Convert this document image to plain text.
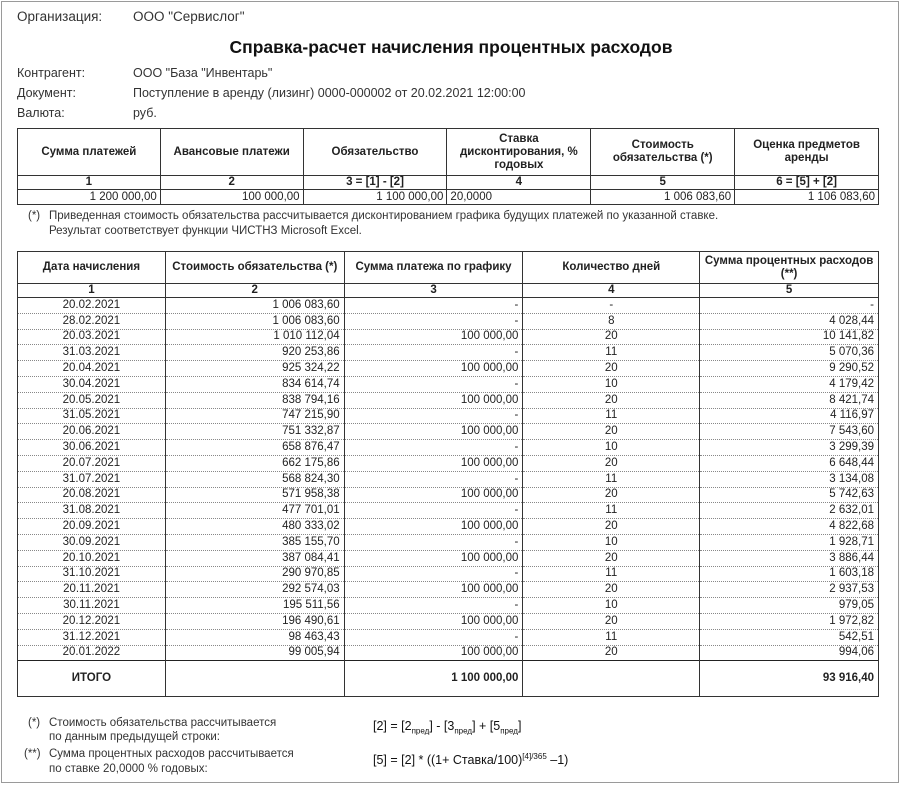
Организация: ООО "Сервислог"
Справка-расчет начисления процентных расходов
Контрагент:	ООО "База "Инвентарь"
Документ:	Поступление в аренду (лизинг) 0000-000002 от 20.02.2021 12:00:00
Валюта:	руб.
Сумма платежей	Авансовые платежи	Обязательство	Ставка дисконтирования, % годовых	Стоимость обязательства (*)	Оценка предметов аренды
1	2	3 = [1] - [2]	4	5	6 = [5] + [2]
1 200 000,00	100 000,00	1 100 000,00	20,0000	1 006 083,60	1 106 083,60
(*) Приведенная стоимость обязательства рассчитывается дисконтированием графика будущих платежей по указанной ставке.
Результат соответствует функции ЧИСТНЗ Microsoft Excel.
Дата начисления	Стоимость обязательства (*)	Сумма платежа по графику	Количество дней	Сумма процентных расходов (**)
1	2	3	4	5
20.02.2021	1 006 083,60	-	-	-
28.02.2021	1 006 083,60	-	8	4 028,44
20.03.2021	1 010 112,04	100 000,00	20	10 141,82
31.03.2021	920 253,86	-	11	5 070,36
20.04.2021	925 324,22	100 000,00	20	9 290,52
30.04.2021	834 614,74	-	10	4 179,42
20.05.2021	838 794,16	100 000,00	20	8 421,74
31.05.2021	747 215,90	-	11	4 116,97
20.06.2021	751 332,87	100 000,00	20	7 543,60
30.06.2021	658 876,47	-	10	3 299,39
20.07.2021	662 175,86	100 000,00	20	6 648,44
31.07.2021	568 824,30	-	11	3 134,08
20.08.2021	571 958,38	100 000,00	20	5 742,63
31.08.2021	477 701,01	-	11	2 632,01
20.09.2021	480 333,02	100 000,00	20	4 822,68
30.09.2021	385 155,70	-	10	1 928,71
20.10.2021	387 084,41	100 000,00	20	3 886,44
31.10.2021	290 970,85	-	11	1 603,18
20.11.2021	292 574,03	100 000,00	20	2 937,53
30.11.2021	195 511,56	-	10	979,05
20.12.2021	196 490,61	100 000,00	20	1 972,82
31.12.2021	98 463,43	-	11	542,51
20.01.2022	99 005,94	100 000,00	20	994,06
ИТОГО		1 100 000,00		93 916,40
(*) Стоимость обязательства рассчитывается
по данным предыдущей строки:
(**) Сумма процентных расходов рассчитывается
по ставке 20,0000 % годовых:
$[2] = [2_{пред}] - [3_{пред}] + [5_{пред}]$
[5] = [2] * ((1+ Ставка/100)$^{[4]/365}$ –1)
